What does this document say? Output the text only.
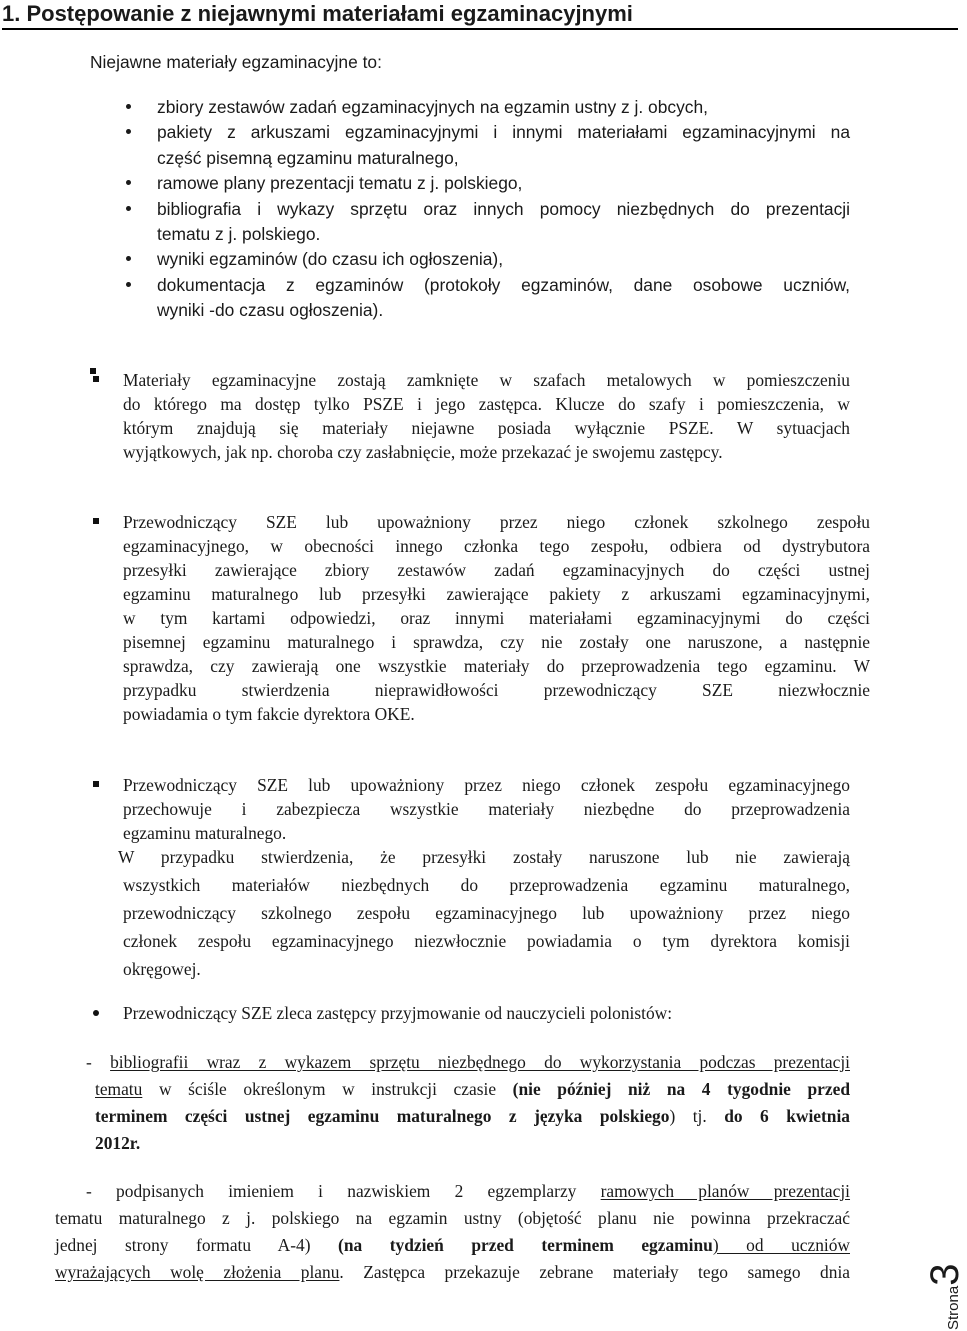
1. Postępowanie z niejawnymi materiałami egzaminacyjnymi
Niejawne materiały egzaminacyjne to:
zbiory zestawów zadań egzaminacyjnych na egzamin ustny z j. obcych,
pakiety z arkuszami egzaminacyjnymi i innymi materiałami egzaminacyjnymi na
część pisemną egzaminu maturalnego,
ramowe plany prezentacji tematu z j. polskiego,
bibliografia i wykazy sprzętu oraz innych pomocy niezbędnych do prezentacji
tematu z j. polskiego.
wyniki egzaminów (do czasu ich ogłoszenia),
dokumentacja z egzaminów (protokoły egzaminów, dane osobowe uczniów,
wyniki -do czasu ogłoszenia).
Materiały egzaminacyjne zostają zamknięte w szafach metalowych w pomieszczeniu
do którego ma dostęp tylko PSZE i jego zastępca. Klucze do szafy i pomieszczenia, w
którym znajdują się materiały niejawne posiada wyłącznie PSZE. W sytuacjach
wyjątkowych, jak np. choroba czy zasłabnięcie, może przekazać je swojemu zastępcy.
Przewodniczący SZE lub upoważniony przez niego członek szkolnego zespołu
egzaminacyjnego, w obecności innego członka tego zespołu, odbiera od dystrybutora
przesyłki zawierające zbiory zestawów zadań egzaminacyjnych do części ustnej
egzaminu maturalnego lub przesyłki zawierające pakiety z arkuszami egzaminacyjnymi,
w tym kartami odpowiedzi, oraz innymi materiałami egzaminacyjnymi do części
pisemnej egzaminu maturalnego i sprawdza, czy nie zostały one naruszone, a następnie
sprawdza, czy zawierają one wszystkie materiały do przeprowadzenia tego egzaminu. W
przypadku stwierdzenia nieprawidłowości przewodniczący SZE niezwłocznie
powiadamia o tym fakcie dyrektora OKE.
Przewodniczący SZE lub upoważniony przez niego członek zespołu egzaminacyjnego
przechowuje i zabezpiecza wszystkie materiały niezbędne do przeprowadzenia
egzaminu maturalnego.
W przypadku stwierdzenia, że przesyłki zostały naruszone lub nie zawierają
wszystkich materiałów niezbędnych do przeprowadzenia egzaminu maturalnego,
przewodniczący szkolnego zespołu egzaminacyjnego lub upoważniony przez niego
członek zespołu egzaminacyjnego niezwłocznie powiadamia o tym dyrektora komisji
okręgowej.
Przewodniczący SZE zleca zastępcy przyjmowanie od nauczycieli polonistów:
- bibliografii wraz z wykazem sprzętu niezbędnego do wykorzystania podczas prezentacji
tematu w ściśle określonym w instrukcji czasie (nie później niż na 4 tygodnie przed
terminem części ustnej egzaminu maturalnego z języka polskiego) tj. do 6 kwietnia
2012r.
- podpisanych imieniem i nazwiskiem 2 egzemplarzy ramowych planów prezentacji
tematu maturalnego z j. polskiego na egzamin ustny (objętość planu nie powinna przekraczać
jednej strony formatu A-4) (na tydzień przed terminem egzaminu) od uczniów
wyrażających wolę złożenia planu. Zastępca przekazuje zebrane materiały tego samego dnia
Strona3
